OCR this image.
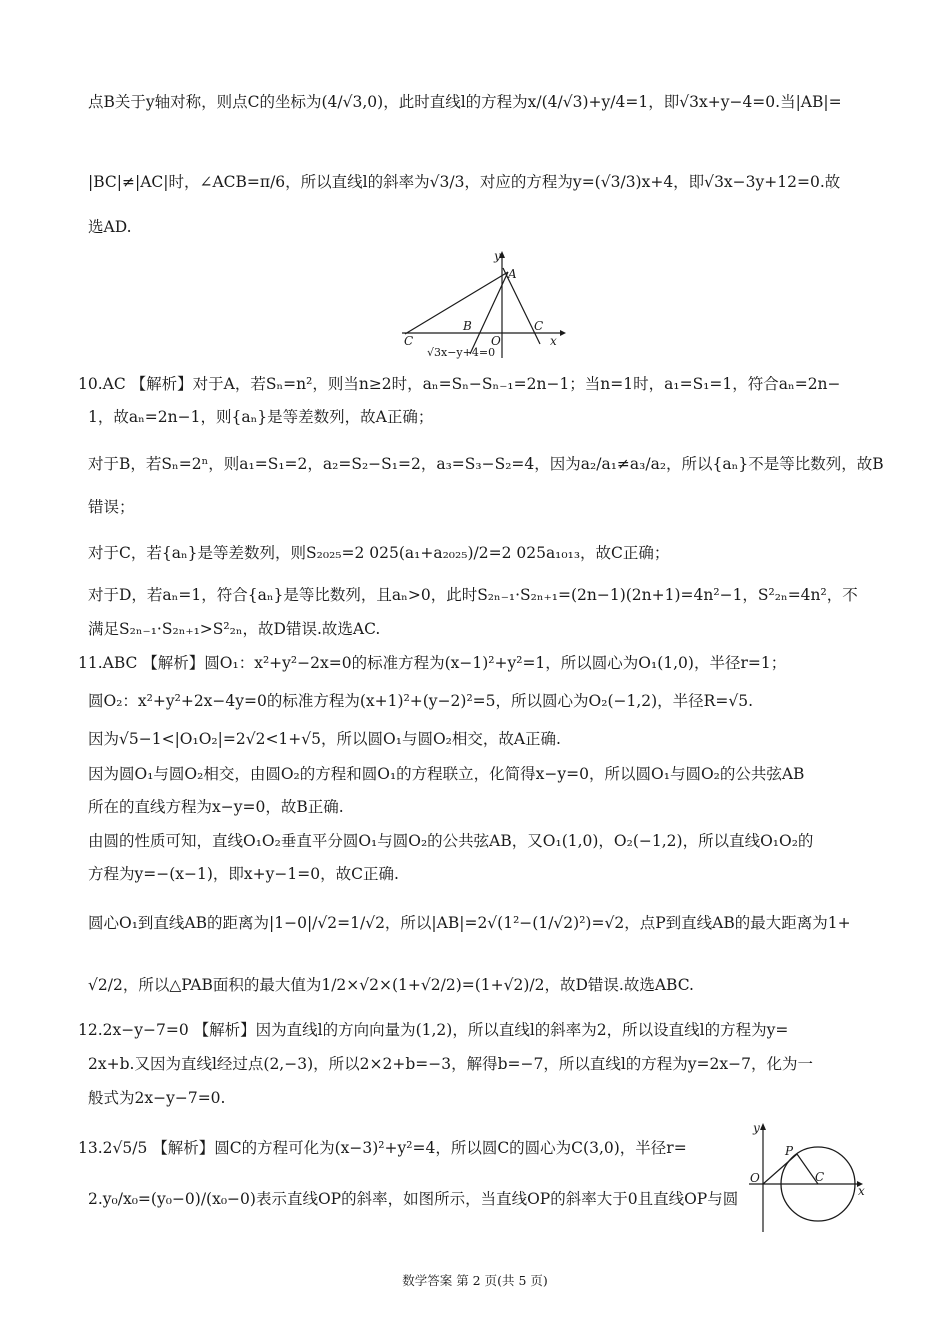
点B关于y轴对称，则点C的坐标为(4/√3,0)，此时直线l的方程为x/(4/√3)+y/4=1，即√3x+y−4=0.当|AB|=
|BC|≠|AC|时，∠ACB=π/6，所以直线l的斜率为√3/3，对应的方程为y=(√3/3)x+4，即√3x−3y+12=0.故
选AD.
10.AC 【解析】对于A，若Sₙ=n²，则当n≥2时，aₙ=Sₙ−Sₙ₋₁=2n−1；当n=1时，a₁=S₁=1，符合aₙ=2n−
1，故aₙ=2n−1，则{aₙ}是等差数列，故A正确；
对于B，若Sₙ=2ⁿ，则a₁=S₁=2，a₂=S₂−S₁=2，a₃=S₃−S₂=4，因为a₂/a₁≠a₃/a₂，所以{aₙ}不是等比数列，故B
错误；
对于C，若{aₙ}是等差数列，则S₂₀₂₅=2 025(a₁+a₂₀₂₅)/2=2 025a₁₀₁₃，故C正确；
对于D，若aₙ=1，符合{aₙ}是等比数列，且aₙ>0，此时S₂ₙ₋₁·S₂ₙ₊₁=(2n−1)(2n+1)=4n²−1，S²₂ₙ=4n²，不
满足S₂ₙ₋₁·S₂ₙ₊₁>S²₂ₙ，故D错误.故选AC.
11.ABC 【解析】圆O₁：x²+y²−2x=0的标准方程为(x−1)²+y²=1，所以圆心为O₁(1,0)，半径r=1；
圆O₂：x²+y²+2x−4y=0的标准方程为(x+1)²+(y−2)²=5，所以圆心为O₂(−1,2)，半径R=√5.
因为√5−1<|O₁O₂|=2√2<1+√5，所以圆O₁与圆O₂相交，故A正确.
因为圆O₁与圆O₂相交，由圆O₂的方程和圆O₁的方程联立，化简得x−y=0，所以圆O₁与圆O₂的公共弦AB
所在的直线方程为x−y=0，故B正确.
由圆的性质可知，直线O₁O₂垂直平分圆O₁与圆O₂的公共弦AB，又O₁(1,0)，O₂(−1,2)，所以直线O₁O₂的
方程为y=−(x−1)，即x+y−1=0，故C正确.
圆心O₁到直线AB的距离为|1−0|/√2=1/√2，所以|AB|=2√(1²−(1/√2)²)=√2，点P到直线AB的最大距离为1+
√2/2，所以△PAB面积的最大值为1/2×√2×(1+√2/2)=(1+√2)/2，故D错误.故选ABC.
12.2x−y−7=0 【解析】因为直线l的方向向量为(1,2)，所以直线l的斜率为2，所以设直线l的方程为y=
2x+b.又因为直线l经过点(2,−3)，所以2×2+b=−3，解得b=−7，所以直线l的方程为y=2x−7，化为一
般式为2x−y−7=0.
13.2√5/5 【解析】圆C的方程可化为(x−3)²+y²=4，所以圆C的圆心为C(3,0)，半径r=
2.y₀/x₀=(y₀−0)/(x₀−0)表示直线OP的斜率，如图所示，当直线OP的斜率大于0且直线OP与圆
y
A
B	C
C	O	x
√3x−y+4=0
y
P
O	C
x
数学答案 第 2 页(共 5 页)
